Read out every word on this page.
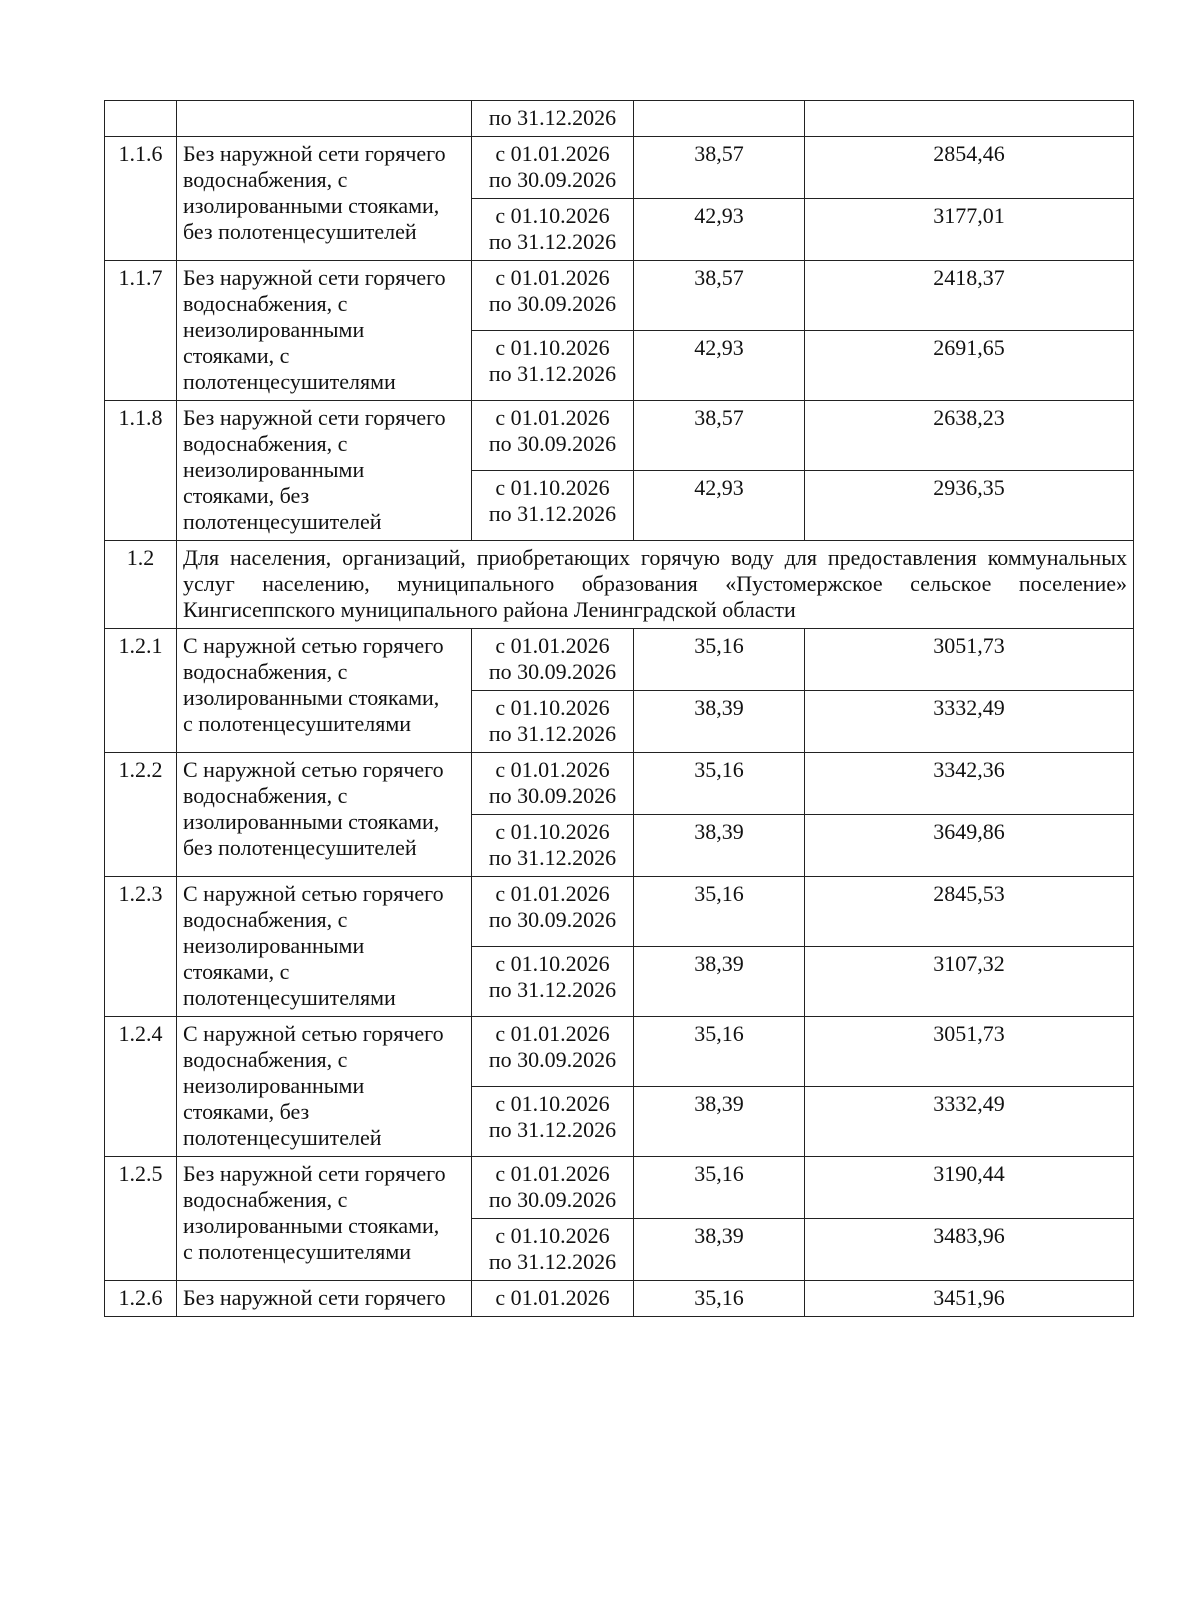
		по 31.12.2026		
1.1.6	Без наружной сети горячего
водоснабжения, с
изолированными стояками,
без полотенцесушителей	с 01.01.2026
по 30.09.2026	38,57	2854,46

		с 01.10.2026
по 31.12.2026	42,93	3177,01

1.1.7	Без наружной сети горячего
водоснабжения, с
неизолированными
стояками, с
полотенцесушителями	с 01.01.2026
по 30.09.2026	38,57	2418,37

		с 01.10.2026
по 31.12.2026	42,93	2691,65

1.1.8	Без наружной сети горячего
водоснабжения, с
неизолированными
стояками, без
полотенцесушителей	с 01.01.2026
по 30.09.2026	38,57	2638,23

		с 01.10.2026
по 31.12.2026	42,93	2936,35

1.2	Для населения, организаций, приобретающих горячую воду для предоставления коммунальных услуг населению, муниципального образования «Пустомержское сельское поселение» Кингисеппского муниципального района Ленинградской области			
1.2.1	С наружной сетью горячего
водоснабжения, с
изолированными стояками,
с полотенцесушителями	с 01.01.2026
по 30.09.2026	35,16	3051,73

		с 01.10.2026
по 31.12.2026	38,39	3332,49

1.2.2	С наружной сетью горячего
водоснабжения, с
изолированными стояками,
без полотенцесушителей	с 01.01.2026
по 30.09.2026	35,16	3342,36

		с 01.10.2026
по 31.12.2026	38,39	3649,86

1.2.3	С наружной сетью горячего
водоснабжения, с
неизолированными
стояками, с
полотенцесушителями	с 01.01.2026
по 30.09.2026	35,16	2845,53

		с 01.10.2026
по 31.12.2026	38,39	3107,32

1.2.4	С наружной сетью горячего
водоснабжения, с
неизолированными
стояками, без
полотенцесушителей	с 01.01.2026
по 30.09.2026	35,16	3051,73

		с 01.10.2026
по 31.12.2026	38,39	3332,49

1.2.5	Без наружной сети горячего
водоснабжения, с
изолированными стояками,
с полотенцесушителями	с 01.01.2026
по 30.09.2026	35,16	3190,44

		с 01.10.2026
по 31.12.2026	38,39	3483,96

1.2.6	Без наружной сети горячего	с 01.01.2026	35,16	3451,96
